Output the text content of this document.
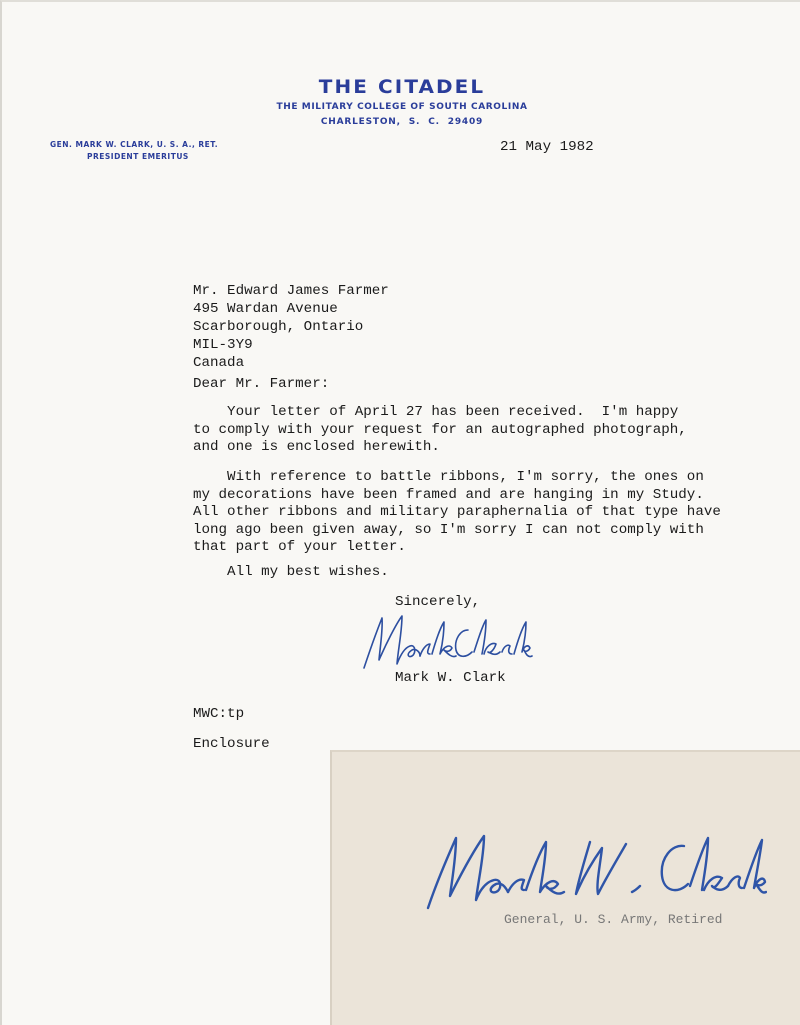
THE CITADEL
THE MILITARY COLLEGE OF SOUTH CAROLINA
CHARLESTON, S. C. 29409
GEN. MARK W. CLARK, U. S. A., RET.
PRESIDENT EMERITUS
21 May 1982
Mr. Edward James Farmer
495 Wardan Avenue
Scarborough, Ontario
MIL-3Y9
Canada
Dear Mr. Farmer:
Your letter of April 27 has been received.  I'm happy
to comply with your request for an autographed photograph,
and one is enclosed herewith.
With reference to battle ribbons, I'm sorry, the ones on
my decorations have been framed and are hanging in my Study.
All other ribbons and military paraphernalia of that type have
long ago been given away, so I'm sorry I can not comply with
that part of your letter.
All my best wishes.
Sincerely,
Mark Clark
Mark W. Clark
MWC:tp
Enclosure
Mark W. Clark
General, U. S. Army, Retired
